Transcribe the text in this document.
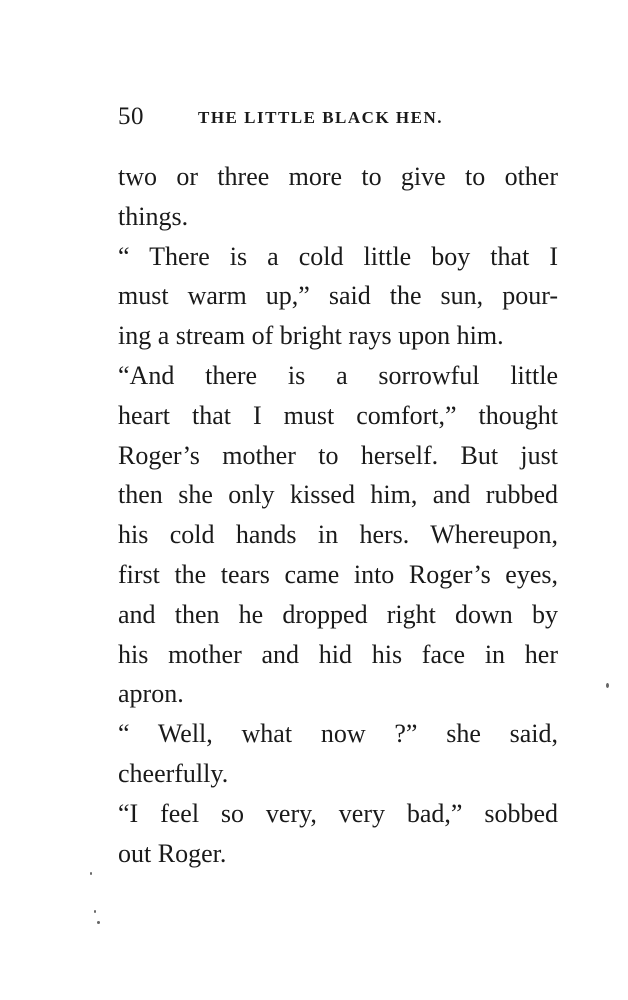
50	THE LITTLE BLACK HEN.
two or three more to give to other
things.
“ There is a cold little boy that I
must warm up,” said the sun, pour-
ing a stream of bright rays upon him.
“And there is a sorrowful little
heart that I must comfort,” thought
Roger’s mother to herself. But just
then she only kissed him, and rubbed
his cold hands in hers. Whereupon,
first the tears came into Roger’s eyes,
and then he dropped right down by
his mother and hid his face in her
apron.
“ Well, what now ?” she said,
cheerfully.
“I feel so very, very bad,” sobbed
out Roger.
